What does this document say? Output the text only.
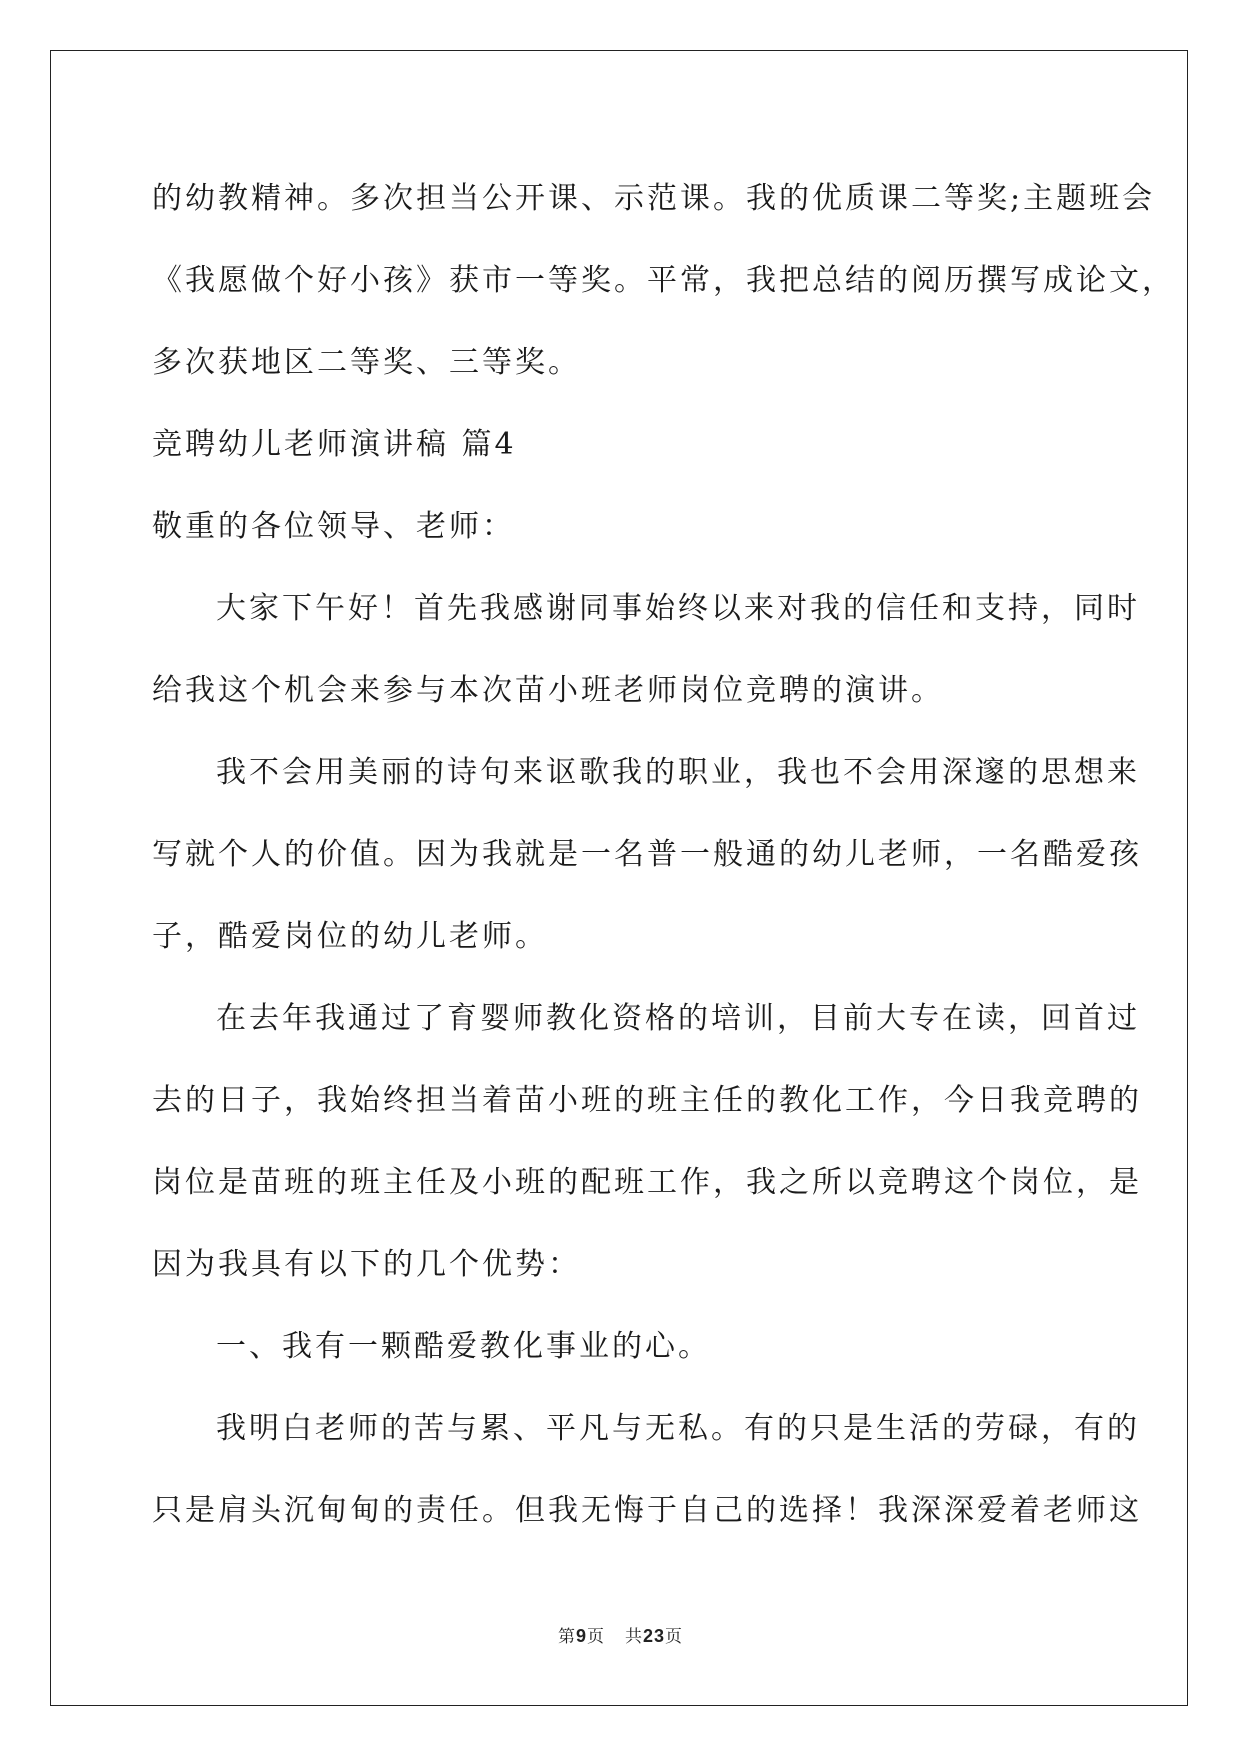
的幼教精神。多次担当公开课、示范课。我的优质课二等奖;主题班会

《我愿做个好小孩》获市一等奖。平常，我把总结的阅历撰写成论文，

多次获地区二等奖、三等奖。

竞聘幼儿老师演讲稿 篇4

敬重的各位领导、老师：

大家下午好！首先我感谢同事始终以来对我的信任和支持，同时

给我这个机会来参与本次苗小班老师岗位竞聘的演讲。

我不会用美丽的诗句来讴歌我的职业，我也不会用深邃的思想来

写就个人的价值。因为我就是一名普一般通的幼儿老师，一名酷爱孩

子，酷爱岗位的幼儿老师。

在去年我通过了育婴师教化资格的培训，目前大专在读，回首过

去的日子，我始终担当着苗小班的班主任的教化工作，今日我竞聘的

岗位是苗班的班主任及小班的配班工作，我之所以竞聘这个岗位，是

因为我具有以下的几个优势：

一、我有一颗酷爱教化事业的心。

我明白老师的苦与累、平凡与无私。有的只是生活的劳碌，有的

只是肩头沉甸甸的责任。但我无悔于自己的选择！我深深爱着老师这

第9页 共23页
